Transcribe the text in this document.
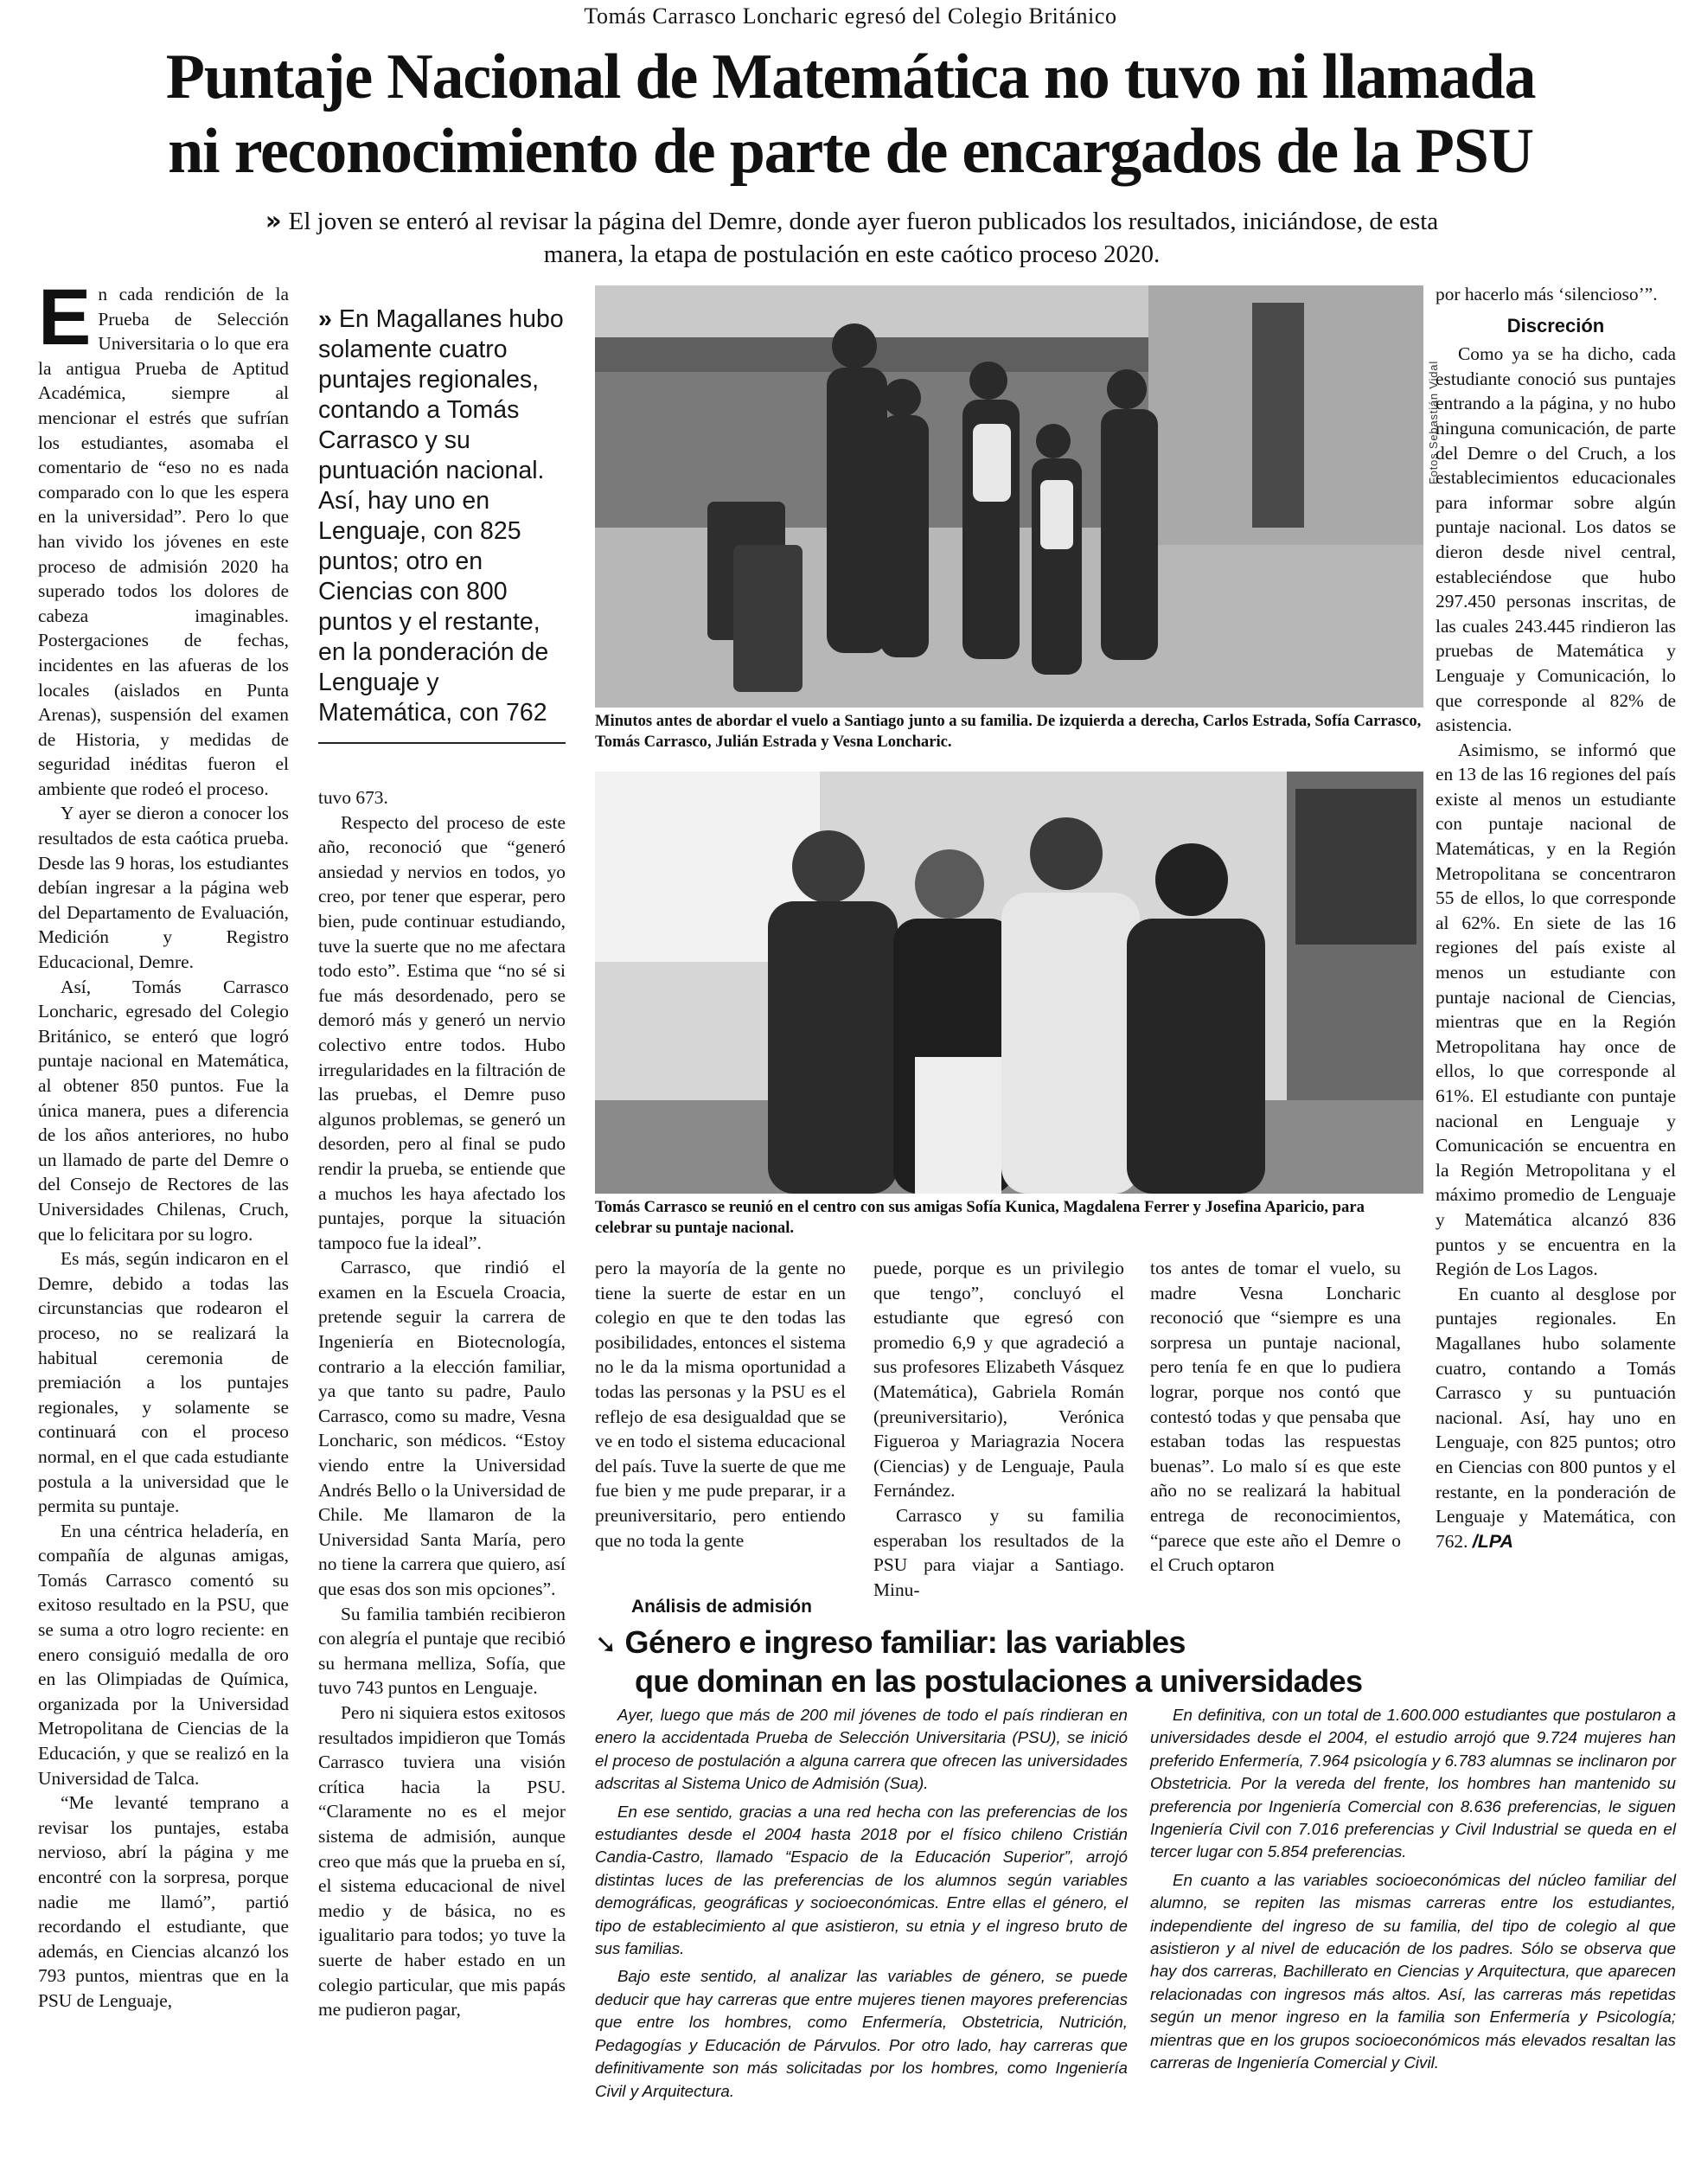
Tomás Carrasco Loncharic egresó del Colegio Británico
Puntaje Nacional de Matemática no tuvo ni llamada
ni reconocimiento de parte de encargados de la PSU
» El joven se enteró al revisar la página del Demre, donde ayer fueron publicados los resultados, iniciándose, de esta manera, la etapa de postulación en este caótico proceso 2020.

En cada rendición de la Prueba de Selección Universitaria o lo que era la antigua Prueba de Aptitud Académica, siempre al mencionar el estrés que sufrían los estudiantes, asomaba el comentario de “eso no es nada comparado con lo que les espera en la universidad”. Pero lo que han vivido los jóvenes en este proceso de admisión 2020 ha superado todos los dolores de cabeza imaginables. Postergaciones de fechas, incidentes en las afueras de los locales (aislados en Punta Arenas), suspensión del examen de Historia, y medidas de seguridad inéditas fueron el ambiente que rodeó el proceso.

Y ayer se dieron a conocer los resultados de esta caótica prueba. Desde las 9 horas, los estudiantes debían ingresar a la página web del Departamento de Evaluación, Medición y Registro Educacional, Demre.

Así, Tomás Carrasco Loncharic, egresado del Colegio Británico, se enteró que logró puntaje nacional en Matemática, al obtener 850 puntos. Fue la única manera, pues a diferencia de los años anteriores, no hubo un llamado de parte del Demre o del Consejo de Rectores de las Universidades Chilenas, Cruch, que lo felicitara por su logro.

Es más, según indicaron en el Demre, debido a todas las circunstancias que rodearon el proceso, no se realizará la habitual ceremonia de premiación a los puntajes regionales, y solamente se continuará con el proceso normal, en el que cada estudiante postula a la universidad que le permita su puntaje.

En una céntrica heladería, en compañía de algunas amigas, Tomás Carrasco comentó su exitoso resultado en la PSU, que se suma a otro logro reciente: en enero consiguió medalla de oro en las Olimpiadas de Química, organizada por la Universidad Metropolitana de Ciencias de la Educación, y que se realizó en la Universidad de Talca.

“Me levanté temprano a revisar los puntajes, estaba nervioso, abrí la página y me encontré con la sorpresa, porque nadie me llamó”, partió recordando el estudiante, que además, en Ciencias alcanzó los 793 puntos, mientras que en la PSU de Lenguaje,

» En Magallanes hubo solamente cuatro puntajes regionales, contando a Tomás Carrasco y su puntuación nacional. Así, hay uno en Lenguaje, con 825 puntos; otro en Ciencias con 800 puntos y el restante, en la ponderación de Lenguaje y Matemática, con 762

tuvo 673.

Respecto del proceso de este año, reconoció que “generó ansiedad y nervios en todos, yo creo, por tener que esperar, pero bien, pude continuar estudiando, tuve la suerte que no me afectara todo esto”. Estima que “no sé si fue más desordenado, pero se demoró más y generó un nervio colectivo entre todos. Hubo irregularidades en la filtración de las pruebas, el Demre puso algunos problemas, se generó un desorden, pero al final se pudo rendir la prueba, se entiende que a muchos les haya afectado los puntajes, porque la situación tampoco fue la ideal”.

Carrasco, que rindió el examen en la Escuela Croacia, pretende seguir la carrera de Ingeniería en Biotecnología, contrario a la elección familiar, ya que tanto su padre, Paulo Carrasco, como su madre, Vesna Loncharic, son médicos. “Estoy viendo entre la Universidad Andrés Bello o la Universidad de Chile. Me llamaron de la Universidad Santa María, pero no tiene la carrera que quiero, así que esas dos son mis opciones”.

Su familia también recibieron con alegría el puntaje que recibió su hermana melliza, Sofía, que tuvo 743 puntos en Lenguaje.

Pero ni siquiera estos exitosos resultados impidieron que Tomás Carrasco tuviera una visión crítica hacia la PSU. “Claramente no es el mejor sistema de admisión, aunque creo que más que la prueba en sí, el sistema educacional de nivel medio y de básica, no es igualitario para todos; yo tuve la suerte de haber estado en un colegio particular, que mis papás me pudieron pagar,

Fotos Sebastián Vidal
Minutos antes de abordar el vuelo a Santiago junto a su familia. De izquierda a derecha, Carlos Estrada, Sofía Carrasco, Tomás Carrasco, Julián Estrada y Vesna Loncharic.
Tomás Carrasco se reunió en el centro con sus amigas Sofía Kunica, Magdalena Ferrer y Josefina Aparicio, para celebrar su puntaje nacional.

pero la mayoría de la gente no tiene la suerte de estar en un colegio en que te den todas las posibilidades, entonces el sistema no le da la misma oportunidad a todas las personas y la PSU es el reflejo de esa desigualdad que se ve en todo el sistema educacional del país. Tuve la suerte de que me fue bien y me pude preparar, ir a preuniversitario, pero entiendo que no toda la gente

puede, porque es un privilegio que tengo”, concluyó el estudiante que egresó con promedio 6,9 y que agradeció a sus profesores Elizabeth Vásquez (Matemática), Gabriela Román (preuniversitario), Verónica Figueroa y Mariagrazia Nocera (Ciencias) y de Lenguaje, Paula Fernández.

Carrasco y su familia esperaban los resultados de la PSU para viajar a Santiago. Minu-

tos antes de tomar el vuelo, su madre Vesna Loncharic reconoció que “siempre es una sorpresa un puntaje nacional, pero tenía fe en que lo pudiera lograr, porque nos contó que contestó todas y que pensaba que estaban todas las respuestas buenas”. Lo malo sí es que este año no se realizará la habitual entrega de reconocimientos, “parece que este año el Demre o el Cruch optaron

por hacerlo más ‘silencioso’”.

Discreción

Como ya se ha dicho, cada estudiante conoció sus puntajes entrando a la página, y no hubo ninguna comunicación, de parte del Demre o del Cruch, a los establecimientos educacionales para informar sobre algún puntaje nacional. Los datos se dieron desde nivel central, estableciéndose que hubo 297.450 personas inscritas, de las cuales 243.445 rindieron las pruebas de Matemática y Lenguaje y Comunicación, lo que corresponde al 82% de asistencia.

Asimismo, se informó que en 13 de las 16 regiones del país existe al menos un estudiante con puntaje nacional de Matemáticas, y en la Región Metropolitana se concentraron 55 de ellos, lo que corresponde al 62%. En siete de las 16 regiones del país existe al menos un estudiante con puntaje nacional de Ciencias, mientras que en la Región Metropolitana hay once de ellos, lo que corresponde al 61%. El estudiante con puntaje nacional en Lenguaje y Comunicación se encuentra en la Región Metropolitana y el máximo promedio de Lenguaje y Matemática alcanzó 836 puntos y se encuentra en la Región de Los Lagos.

En cuanto al desglose por puntajes regionales. En Magallanes hubo solamente cuatro, contando a Tomás Carrasco y su puntuación nacional. Así, hay uno en Lenguaje, con 825 puntos; otro en Ciencias con 800 puntos y el restante, en la ponderación de Lenguaje y Matemática, con 762. /LPA

Análisis de admisión
➘ Género e ingreso familiar: las variables
que dominan en las postulaciones a universidades

Ayer, luego que más de 200 mil jóvenes de todo el país rindieran en enero la accidentada Prueba de Selección Universitaria (PSU), se inició el proceso de postulación a alguna carrera que ofrecen las universidades adscritas al Sistema Unico de Admisión (Sua).

En ese sentido, gracias a una red hecha con las preferencias de los estudiantes desde el 2004 hasta 2018 por el físico chileno Cristián Candia-Castro, llamado “Espacio de la Educación Superior”, arrojó distintas luces de las preferencias de los alumnos según variables demográficas, geográficas y socioeconómicas. Entre ellas el género, el tipo de establecimiento al que asistieron, su etnia y el ingreso bruto de sus familias.

Bajo este sentido, al analizar las variables de género, se puede deducir que hay carreras que entre mujeres tienen mayores preferencias que entre los hombres, como Enfermería, Obstetricia, Nutrición, Pedagogías y Educación de Párvulos. Por otro lado, hay carreras que definitivamente son más solicitadas por los hombres, como Ingeniería Civil y Arquitectura.

En definitiva, con un total de 1.600.000 estudiantes que postularon a universidades desde el 2004, el estudio arrojó que 9.724 mujeres han preferido Enfermería, 7.964 psicología y 6.783 alumnas se inclinaron por Obstetricia. Por la vereda del frente, los hombres han mantenido su preferencia por Ingeniería Comercial con 8.636 preferencias, le siguen Ingeniería Civil con 7.016 preferencias y Civil Industrial se queda en el tercer lugar con 5.854 preferencias.

En cuanto a las variables socioeconómicas del núcleo familiar del alumno, se repiten las mismas carreras entre los estudiantes, independiente del ingreso de su familia, del tipo de colegio al que asistieron y al nivel de educación de los padres. Sólo se observa que hay dos carreras, Bachillerato en Ciencias y Arquitectura, que aparecen relacionadas con ingresos más altos. Así, las carreras más repetidas según un menor ingreso en la familia son Enfermería y Psicología; mientras que en los grupos socioeconómicos más elevados resaltan las carreras de Ingeniería Comercial y Civil.
